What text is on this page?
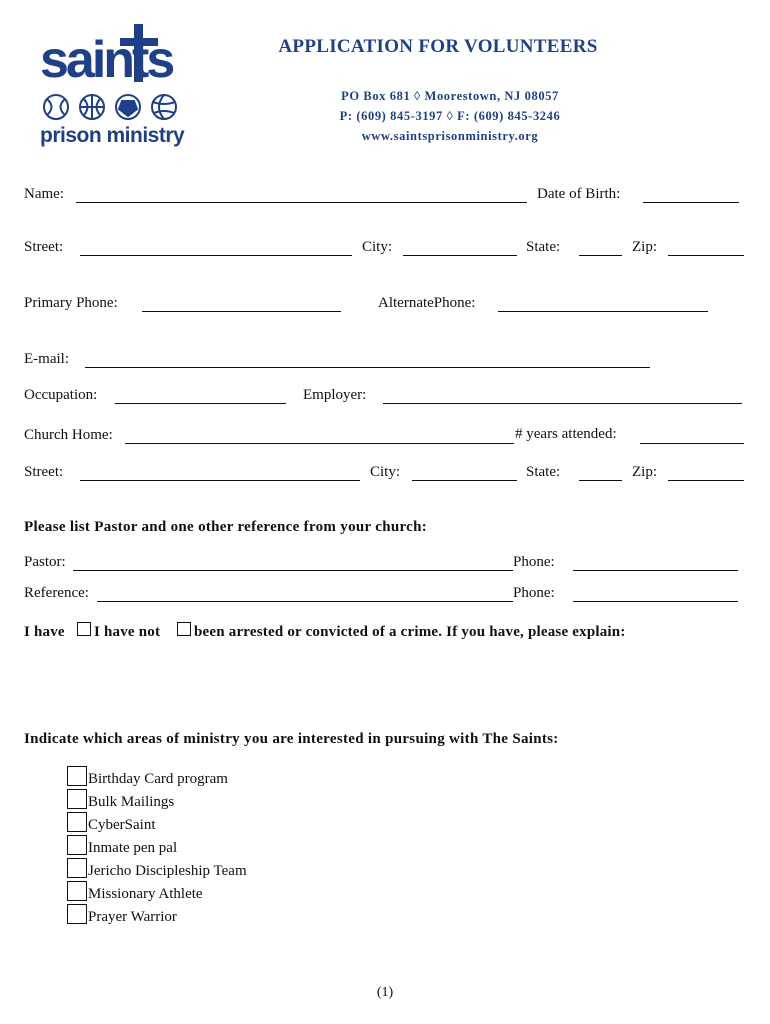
saints
prison ministry
APPLICATION FOR VOLUNTEERS
PO Box 681 ◊ Moorestown, NJ 08057
P: (609) 845-3197 ◊ F: (609) 845-3246
www.saintsprisonministry.org
Name:	Date of Birth:
Street:	City:	State:	Zip:
Primary Phone:	AlternatePhone:
E-mail:
Occupation:	Employer:
Church Home:	# years attended:
Street:	City:	State:	Zip:
Please list Pastor and one other reference from your church:
Pastor:	Phone:
Reference:	Phone:
I have I have not been arrested or convicted of a crime. If you have, please explain:
Indicate which areas of ministry you are interested in pursuing with The Saints:
Birthday Card program
Bulk Mailings
CyberSaint
Inmate pen pal
Jericho Discipleship Team
Missionary Athlete
Prayer Warrior
(1)
